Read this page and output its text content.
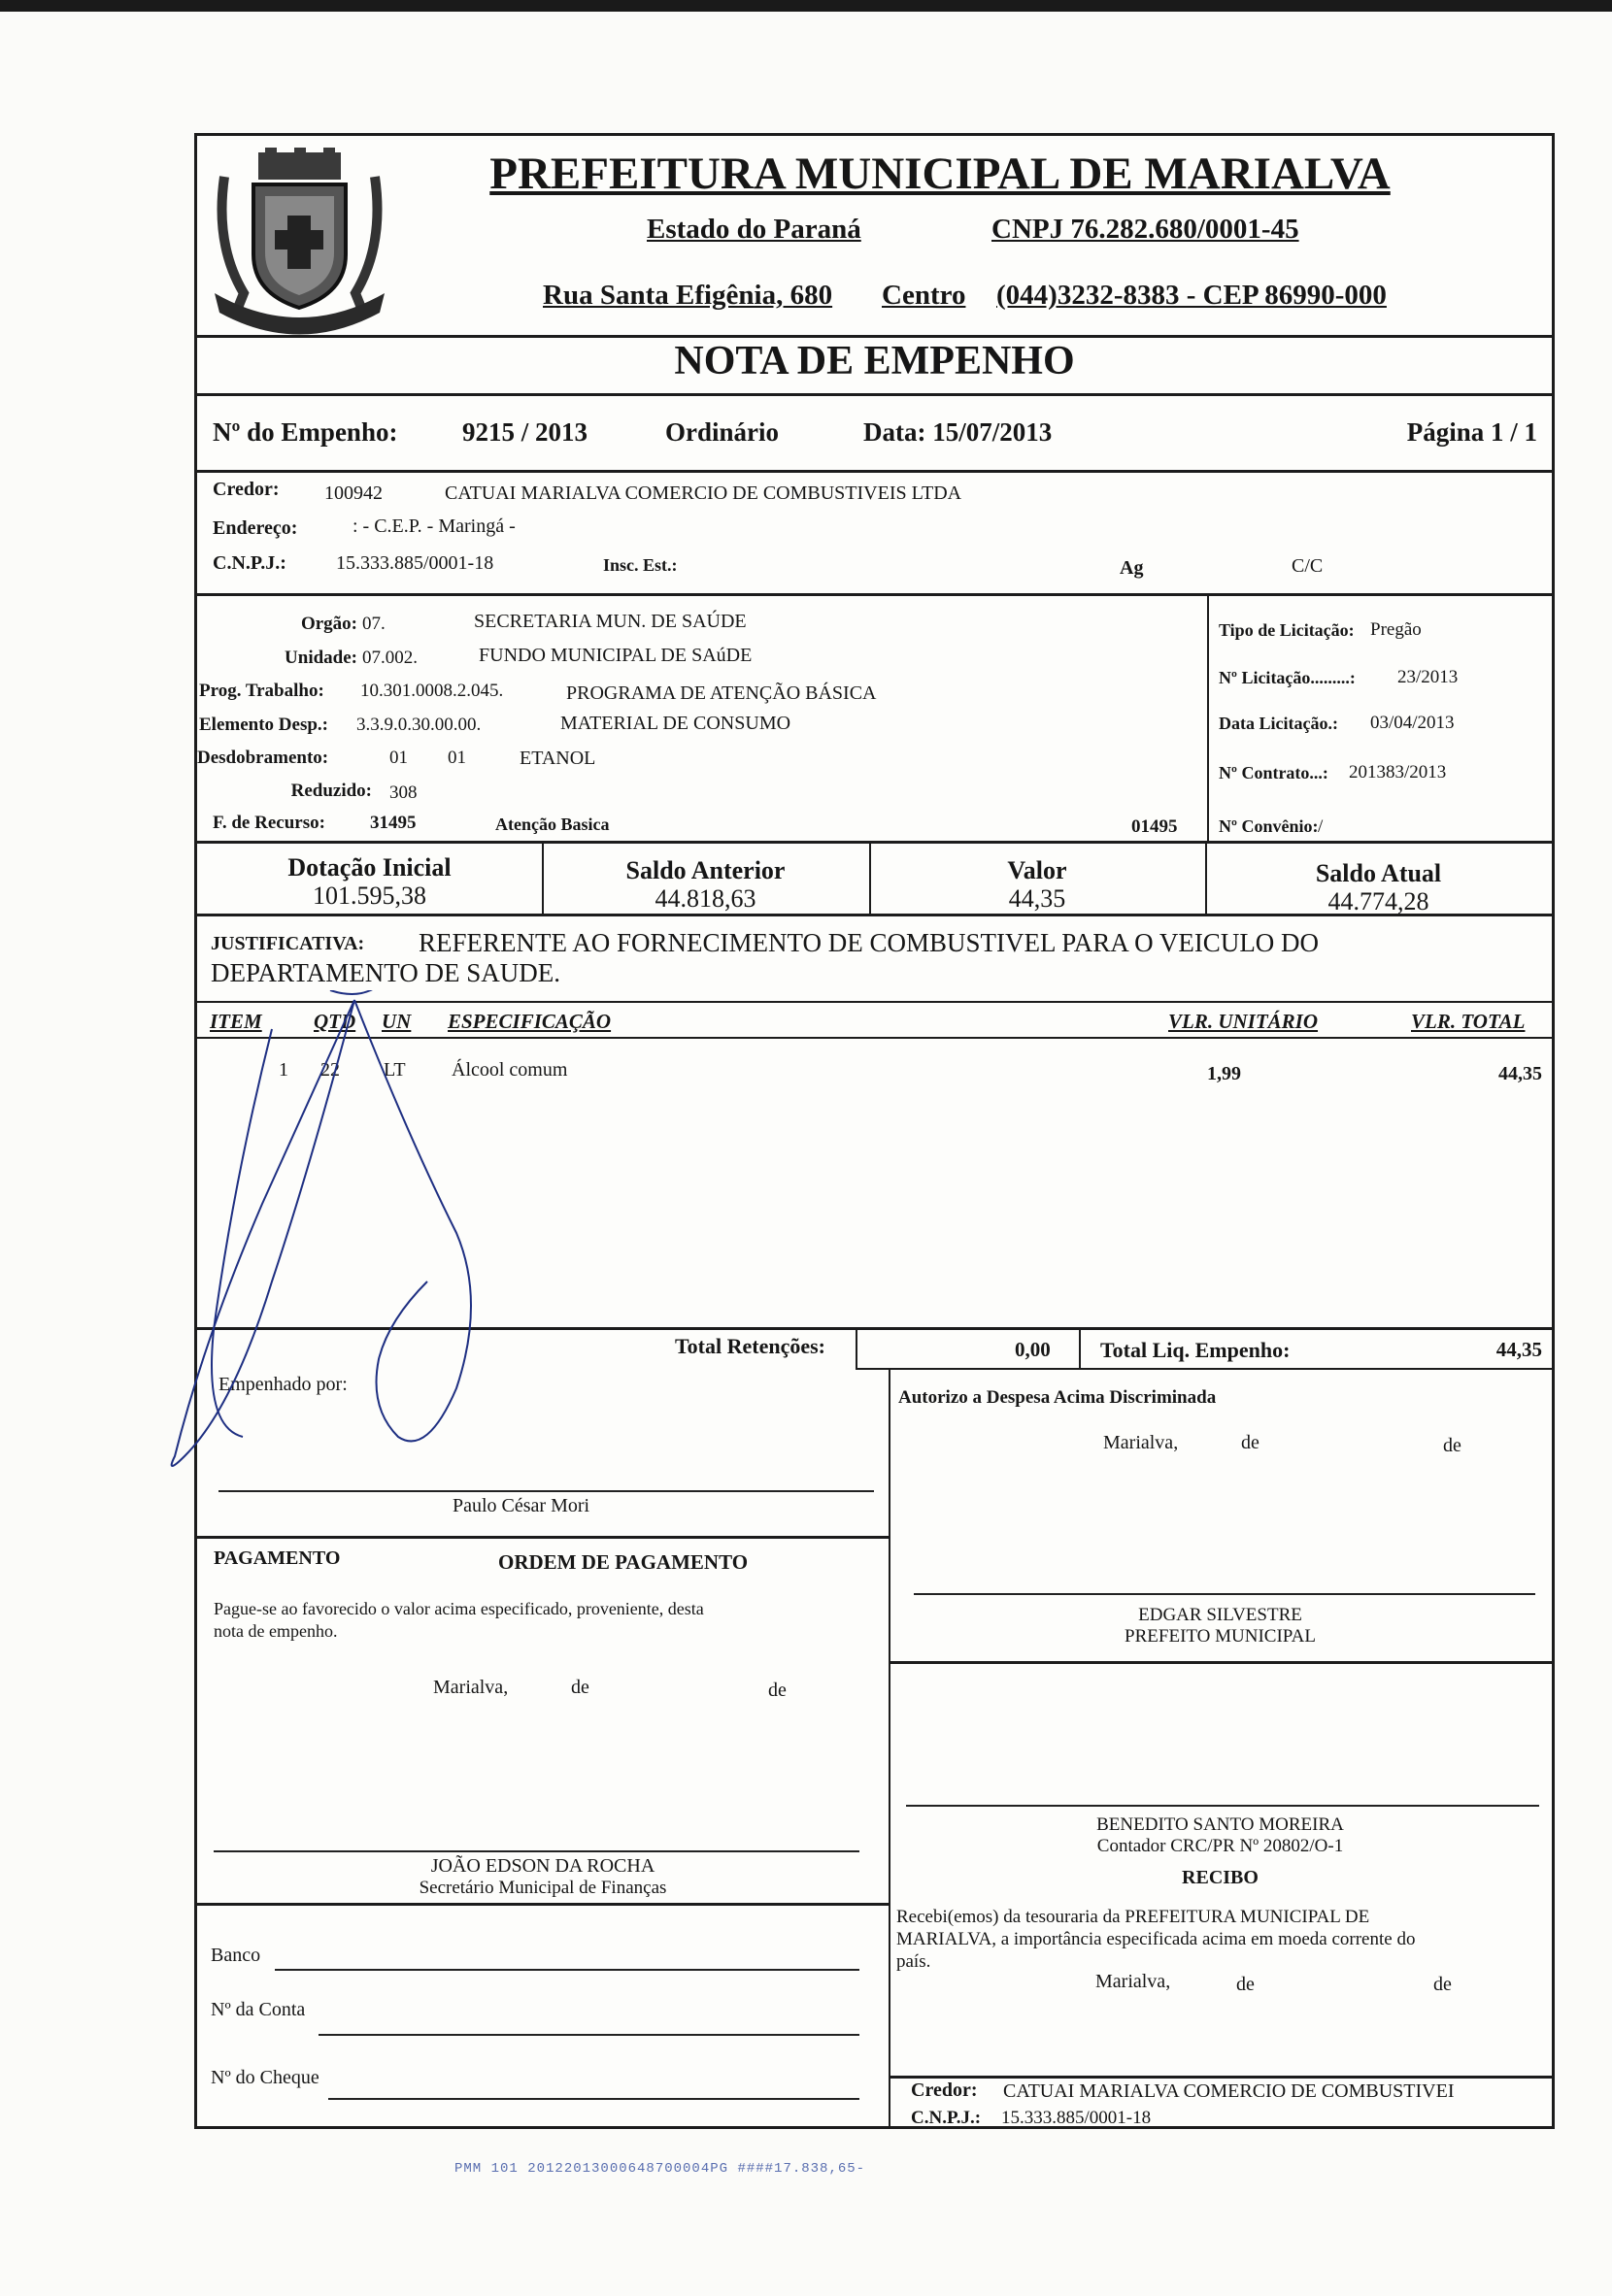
PREFEITURA MUNICIPAL DE MARIALVA
Estado do Paraná	CNPJ 76.282.680/0001-45
Rua Santa Efigênia, 680 Centro (044)3232-8383 - CEP 86990-000
NOTA DE EMPENHO
Nº do Empenho: 9215 / 2013	Ordinário	Data: 15/07/2013	Página 1 / 1
Credor: 100942	CATUAI MARIALVA COMERCIO DE COMBUSTIVEIS LTDA
Endereço:	: - C.E.P. - Maringá -
C.N.P.J.:	15.333.885/0001-18	Insc. Est.:	Ag	C/C
Orgão: 07.	SECRETARIA MUN. DE SAÚDE
Unidade: 07.002.	FUNDO MUNICIPAL DE SAúDE
Prog. Trabalho: 10.301.0008.2.045.	PROGRAMA DE ATENÇÃO BÁSICA
Elemento Desp.: 3.3.9.0.30.00.00.	MATERIAL DE CONSUMO
Desdobramento:	01 01	ETANOL
Reduzido: 308
F. de Recurso: 31495	Atenção Basica	01495
Tipo de Licitação: Pregão
Nº Licitação.........: 23/2013
Data Licitação.: 03/04/2013
Nº Contrato...: 201383/2013
Nº Convênio: /
Dotação Inicial
101.595,38
Saldo Anterior
44.818,63
Valor
44,35
Saldo Atual
44.774,28
JUSTIFICATIVA: REFERENTE AO FORNECIMENTO DE COMBUSTIVEL PARA O VEICULO DO
DEPARTAMENTO DE SAUDE.
ITEM	QTD UN ESPECIFICAÇÃO	VLR. UNITÁRIO	VLR. TOTAL
1 22 LT Álcool comum	1,99	44,35
Total Retenções:	0,00 Total Liq. Empenho:	44,35
Empenhado por:
Paulo César Mori
Autorizo a Despesa Acima Discriminada
Marialva,	de	de
PAGAMENTO	ORDEM DE PAGAMENTO
Pague-se ao favorecido o valor acima especificado, proveniente, desta
nota de empenho.
Marialva,	de	de
EDGAR SILVESTRE
PREFEITO MUNICIPAL
BENEDITO SANTO MOREIRA
Contador CRC/PR Nº 20802/O-1
JOÃO EDSON DA ROCHA
Secretário Municipal de Finanças	RECIBO
Recebi(emos) da tesouraria da PREFEITURA MUNICIPAL DE
MARIALVA, a importância especificada acima em moeda corrente do
país.
Marialva,	de	de
Banco
Nº da Conta
Nº do Cheque
Credor: CATUAI MARIALVA COMERCIO DE COMBUSTIVEI
C.N.P.J.: 15.333.885/0001-18
PMM 101 20122013000648700004PG ####17.838,65-
